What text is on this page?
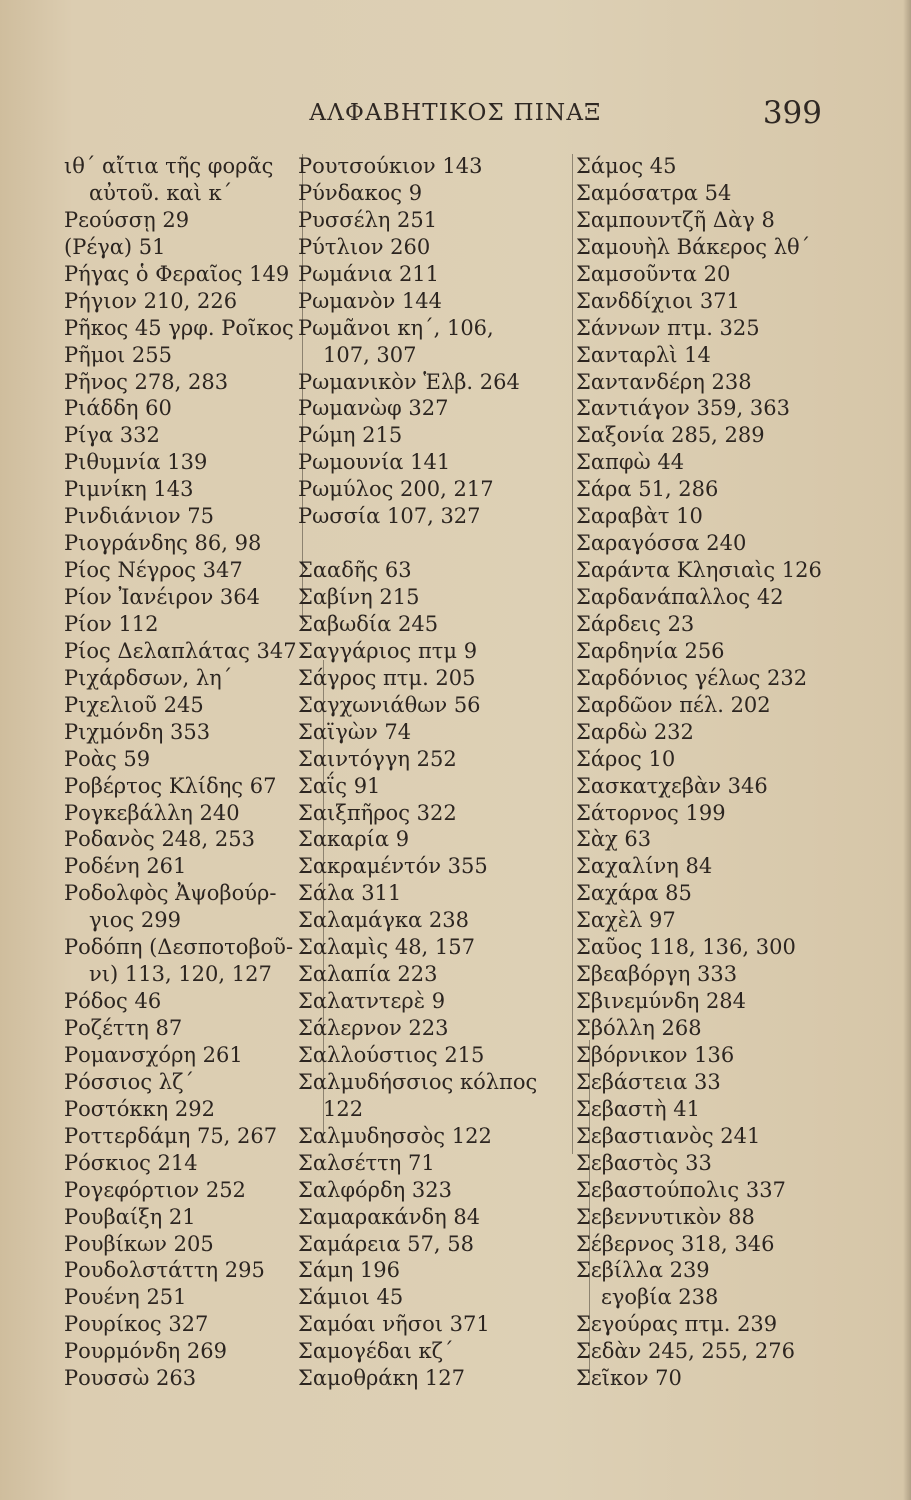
ΑΛΦΑΒΗΤΙΚΟΣ ΠΙΝΑΞ	399
ιθ΄ αἴτια τῆς φορᾶς
αὐτοῦ. καὶ κ΄
Ρεούσσῃ 29
(Ρέγα) 51
Ρήγας ὁ Φεραῖος 149
Ρήγιον 210, 226
Ρῆκος 45 γρφ. Ροῖκος
Ρῆμοι 255
Ρῆνος 278, 283
Ριάδδη 60
Ρίγα 332
Ριθυμνία 139
Ριμνίκη 143
Ρινδιάνιον 75
Ριογράνδης 86, 98
Ρίος Νέγρος 347
Ρίον Ἰανέιρον 364
Ρίον 112
Ρίος Δελαπλάτας 347
Ριχάρδσων, λη΄
Ριχελιοῦ 245
Ριχμόνδη 353
Ροὰς 59
Ροβέρτος Κλίδης 67
Ρογκεβάλλη 240
Ροδανὸς 248, 253
Ροδένη 261
Ροδολφὸς Ἀψοβούρ-
γιος 299
Ροδόπη (Δεσποτοβοῦ-
νι) 113, 120, 127
Ρόδος 46
Ροζέττη 87
Ρομανσχόρη 261
Ρόσσιος λζ΄
Ροστόκκη 292
Ροττερδάμη 75, 267
Ρόσκιος 214
Ρογεφόρτιον 252
Ρουβαίξη 21
Ρουβίκων 205
Ρουδολστάττη 295
Ρουένη 251
Ρουρίκος 327
Ρουρμόνδη 269
Ρουσσὼ 263
Ρουτσούκιον 143
Ρύνδακος 9
Ρυσσέλη 251
Ρύτλιον 260
Ρωμάνια 211
Ρωμανὸν 144
Ρωμᾶνοι κη΄, 106,
107, 307
Ρωμανικὸν Ἑλβ. 264
Ρωμανὼφ 327
Ρώμη 215
Ρωμουνία 141
Ρωμύλος 200, 217
Ρωσσία 107, 327
Σααδῆς 63
Σαβίνη 215
Σαβωδία 245
Σαγγάριος πτμ 9
Σάγρος πτμ. 205
Σαγχωνιάθων 56
Σαϊγὼν 74
Σαιντόγγη 252
Σαΐς 91
Σαιξπῆρος 322
Σακαρία 9
Σακραμέντόν 355
Σάλα 311
Σαλαμάγκα 238
Σαλαμὶς 48, 157
Σαλαπία 223
Σαλατντερὲ 9
Σάλερνον 223
Σαλλούστιος 215
Σαλμυδήσσιος κόλπος
122
Σαλμυδησσὸς 122
Σαλσέττη 71
Σαλφόρδη 323
Σαμαρακάνδη 84
Σαμάρεια 57, 58
Σάμη 196
Σάμιοι 45
Σαμόαι νῆσοι 371
Σαμογέδαι κζ΄
Σαμοθράκη 127
Σάμος 45
Σαμόσατρα 54
Σαμπουντζῆ Δὰγ 8
Σαμουὴλ Βάκερος λθ΄
Σαμσοῦντα 20
Σανδδίχιοι 371
Σάννων πτμ. 325
Σανταρλὶ 14
Σαντανδέρη 238
Σαντιάγον 359, 363
Σαξονία 285, 289
Σαπφὼ 44
Σάρα 51, 286
Σαραβὰτ 10
Σαραγόσσα 240
Σαράντα Κλησιαὶς 126
Σαρδανάπαλλος 42
Σάρδεις 23
Σαρδηνία 256
Σαρδόνιος γέλως 232
Σαρδῶον πέλ. 202
Σαρδὼ 232
Σάρος 10
Σασκατχεβὰν 346
Σάτορνος 199
Σὰχ 63
Σαχαλίνη 84
Σαχάρα 85
Σαχὲλ 97
Σαῦος 118, 136, 300
Σβεαβόργη 333
Σβινεμύνδη 284
Σβόλλη 268
Σβόρνικον 136
Σεβάστεια 33
Σεβαστὴ 41
Σεβαστιανὸς 241
Σεβαστὸς 33
Σεβαστούπολις 337
Σεβεννυτικὸν 88
Σέβερνος 318, 346
Σεβίλλα 239
εγοβία 238
Σεγούρας πτμ. 239
Σεδὰν 245, 255, 276
Σεῖκον 70
